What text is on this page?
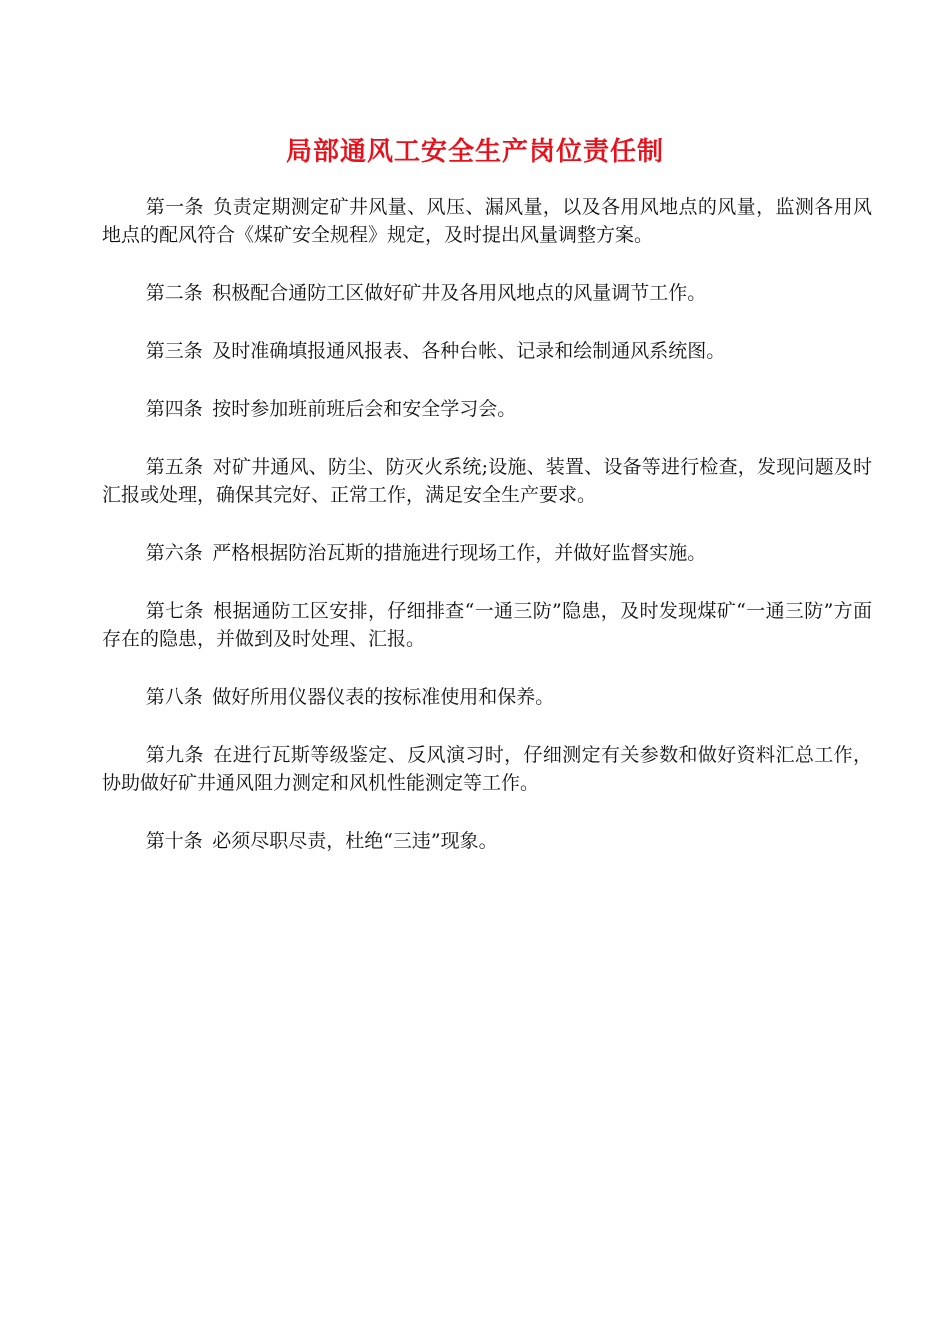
局部通风工安全生产岗位责任制

第一条 负责定期测定矿井风量、风压、漏风量，以及各用风地点的风量，监测各用风地点的配风符合《煤矿安全规程》规定，及时提出风量调整方案。

第二条 积极配合通防工区做好矿井及各用风地点的风量调节工作。

第三条 及时准确填报通风报表、各种台帐、记录和绘制通风系统图。

第四条 按时参加班前班后会和安全学习会。

第五条 对矿井通风、防尘、防灭火系统;设施、装置、设备等进行检查，发现问题及时汇报或处理，确保其完好、正常工作，满足安全生产要求。

第六条 严格根据防治瓦斯的措施进行现场工作，并做好监督实施。

第七条 根据通防工区安排，仔细排查“一通三防”隐患，及时发现煤矿“一通三防”方面存在的隐患，并做到及时处理、汇报。

第八条 做好所用仪器仪表的按标准使用和保养。

第九条 在进行瓦斯等级鉴定、反风演习时，仔细测定有关参数和做好资料汇总工作，协助做好矿井通风阻力测定和风机性能测定等工作。

第十条 必须尽职尽责，杜绝“三违”现象。
